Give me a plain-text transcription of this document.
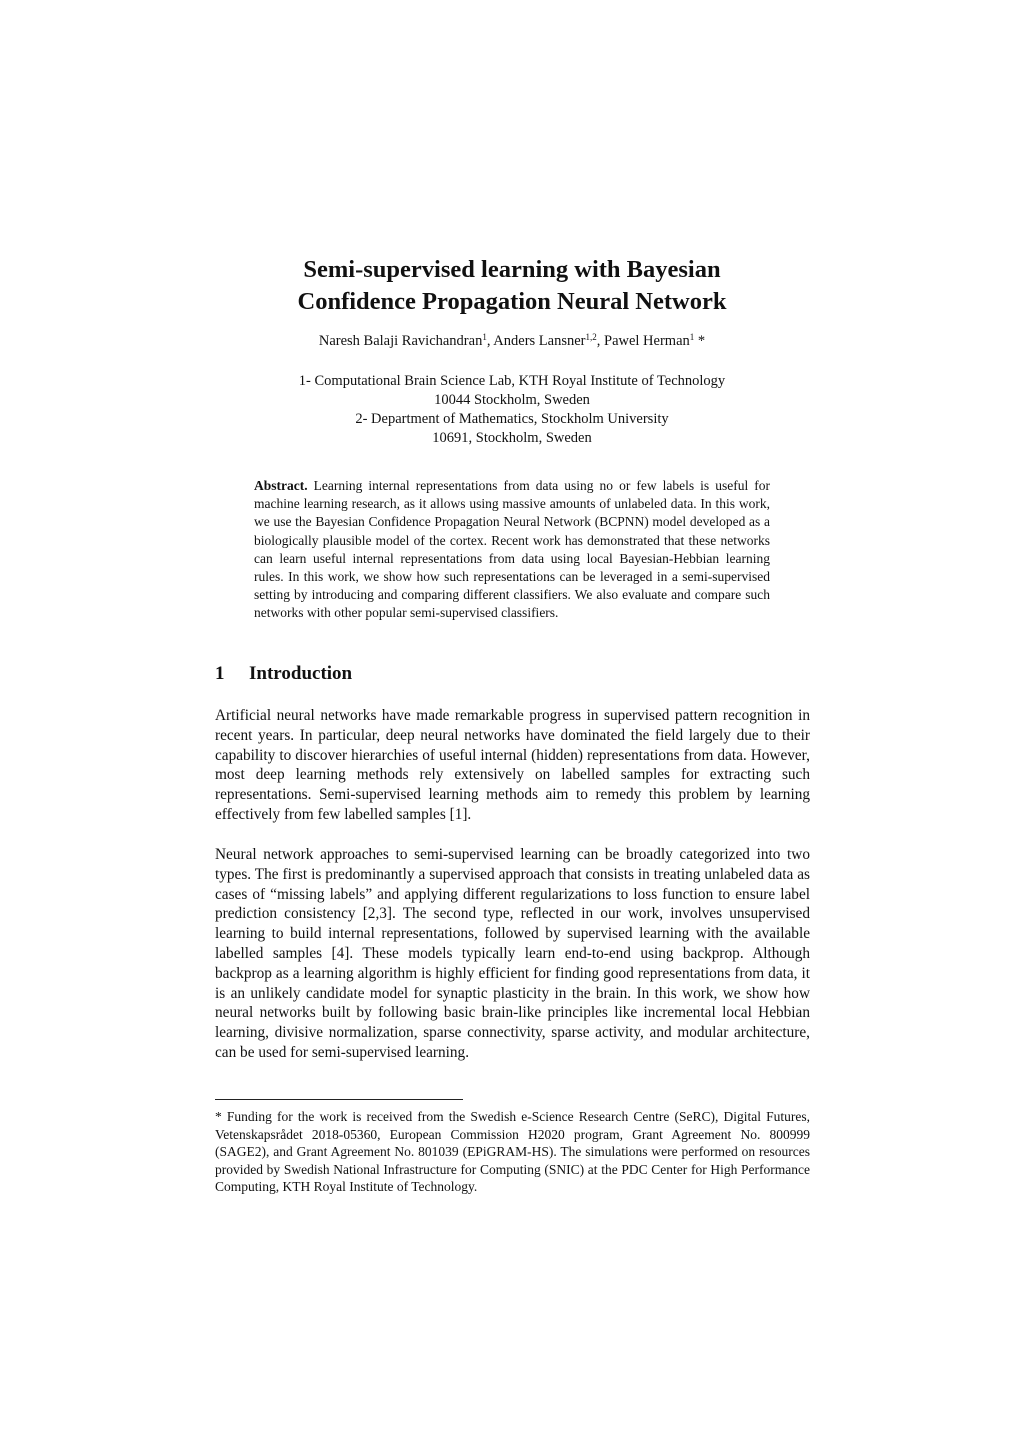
Semi-supervised learning with Bayesian
Confidence Propagation Neural Network
Naresh Balaji Ravichandran$^1$, Anders Lansner$^{1,2}$, Pawel Herman$^1$ *
1- Computational Brain Science Lab, KTH Royal Institute of Technology
10044 Stockholm, Sweden
2- Department of Mathematics, Stockholm University
10691, Stockholm, Sweden

Abstract. Learning internal representations from data using no or few labels is useful for machine learning research, as it allows using massive amounts of unlabeled data. In this work, we use the Bayesian Confidence Propagation Neural Network (BCPNN) model developed as a biologically plausible model of the cortex. Recent work has demonstrated that these networks can learn useful internal representations from data using local Bayesian-Hebbian learning rules. In this work, we show how such representations can be leveraged in a semi-supervised setting by introducing and comparing different classifiers. We also evaluate and compare such networks with other popular semi-supervised classifiers.

1 Introduction

Artificial neural networks have made remarkable progress in supervised pattern recognition in recent years. In particular, deep neural networks have dominated the field largely due to their capability to discover hierarchies of useful internal (hidden) representations from data. However, most deep learning methods rely extensively on labelled samples for extracting such representations. Semi-supervised learning methods aim to remedy this problem by learning effectively from few labelled samples [1].

Neural network approaches to semi-supervised learning can be broadly categorized into two types. The first is predominantly a supervised approach that consists in treating unlabeled data as cases of “missing labels” and applying different regularizations to loss function to ensure label prediction consistency [2,3]. The second type, reflected in our work, involves unsupervised learning to build internal representations, followed by supervised learning with the available labelled samples [4]. These models typically learn end-to-end using backprop. Although backprop as a learning algorithm is highly efficient for finding good representations from data, it is an unlikely candidate model for synaptic plasticity in the brain. In this work, we show how neural networks built by following basic brain-like principles like incremental local Hebbian learning, divisive normalization, sparse connectivity, sparse activity, and modular architecture, can be used for semi-supervised learning.

* Funding for the work is received from the Swedish e-Science Research Centre (SeRC), Digital Futures, Vetenskapsrådet 2018-05360, European Commission H2020 program, Grant Agreement No. 800999 (SAGE2), and Grant Agreement No. 801039 (EPiGRAM-HS). The simulations were performed on resources provided by Swedish National Infrastructure for Computing (SNIC) at the PDC Center for High Performance Computing, KTH Royal Institute of Technology.
